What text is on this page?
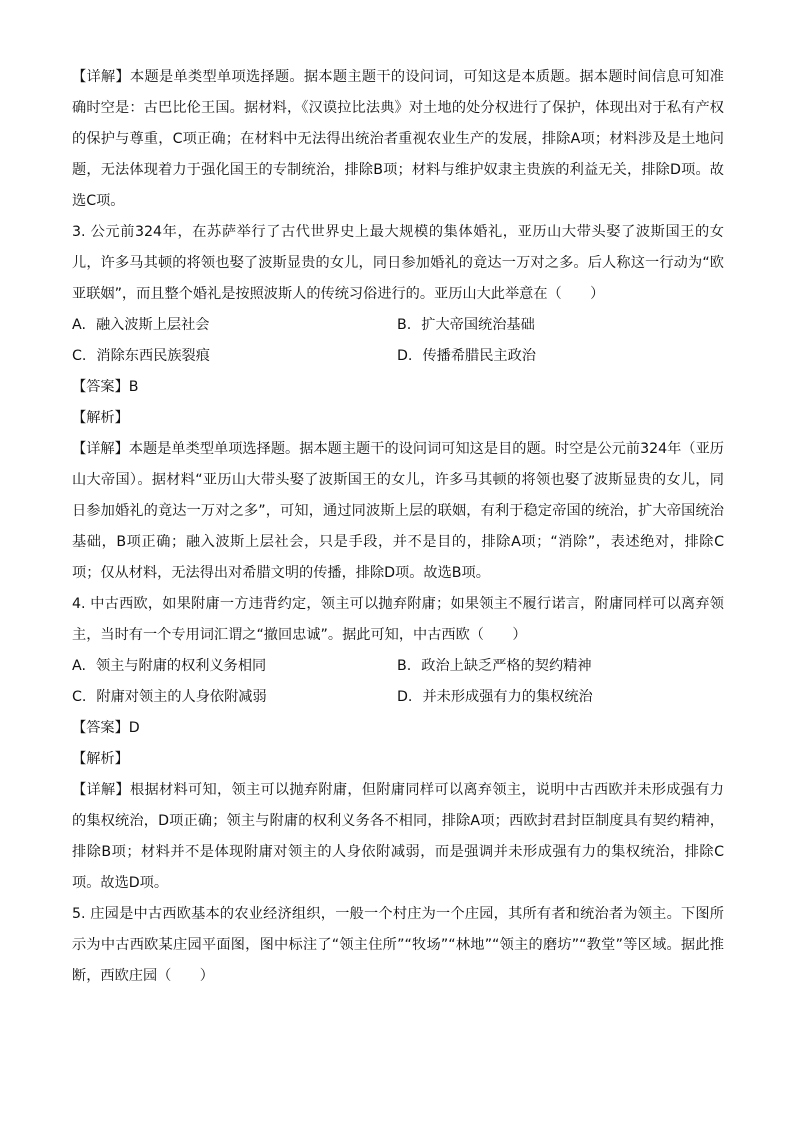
【详解】本题是单类型单项选择题。据本题主题干的设问词，可知这是本质题。据本题时间信息可知准确时空是：古巴比伦王国。据材料，《汉谟拉比法典》对土地的处分权进行了保护，体现出对于私有产权的保护与尊重，C项正确；在材料中无法得出统治者重视农业生产的发展，排除A项；材料涉及是土地问题，无法体现着力于强化国王的专制统治，排除B项；材料与维护奴隶主贵族的利益无关，排除D项。故选C项。

3. 公元前324年，在苏萨举行了古代世界史上最大规模的集体婚礼，亚历山大带头娶了波斯国王的女儿，许多马其顿的将领也娶了波斯显贵的女儿，同日参加婚礼的竟达一万对之多。后人称这一行动为“欧亚联姻”，而且整个婚礼是按照波斯人的传统习俗进行的。亚历山大此举意在（　　）

A. 融入波斯上层社会	B. 扩大帝国统治基础
C. 消除东西民族裂痕	D. 传播希腊民主政治

【答案】B

【解析】

【详解】本题是单类型单项选择题。据本题主题干的设问词可知这是目的题。时空是公元前324年（亚历山大帝国）。据材料“亚历山大带头娶了波斯国王的女儿，许多马其顿的将领也娶了波斯显贵的女儿，同日参加婚礼的竟达一万对之多”，可知，通过同波斯上层的联姻，有利于稳定帝国的统治，扩大帝国统治基础，B项正确；融入波斯上层社会，只是手段，并不是目的，排除A项；“消除”，表述绝对，排除C项；仅从材料，无法得出对希腊文明的传播，排除D项。故选B项。

4. 中古西欧，如果附庸一方违背约定，领主可以抛弃附庸；如果领主不履行诺言，附庸同样可以离弃领主，当时有一个专用词汇谓之“撤回忠诚”。据此可知，中古西欧（　　）

A. 领主与附庸的权利义务相同	B. 政治上缺乏严格的契约精神
C. 附庸对领主的人身依附减弱	D. 并未形成强有力的集权统治

【答案】D

【解析】

【详解】根据材料可知，领主可以抛弃附庸，但附庸同样可以离弃领主，说明中古西欧并未形成强有力的集权统治，D项正确；领主与附庸的权利义务各不相同，排除A项；西欧封君封臣制度具有契约精神，排除B项；材料并不是体现附庸对领主的人身依附减弱，而是强调并未形成强有力的集权统治，排除C项。故选D项。

5. 庄园是中古西欧基本的农业经济组织，一般一个村庄为一个庄园，其所有者和统治者为领主。下图所示为中古西欧某庄园平面图，图中标注了“领主住所”“牧场”“林地”“领主的磨坊”“教堂”等区域。据此推断，西欧庄园（　　）
